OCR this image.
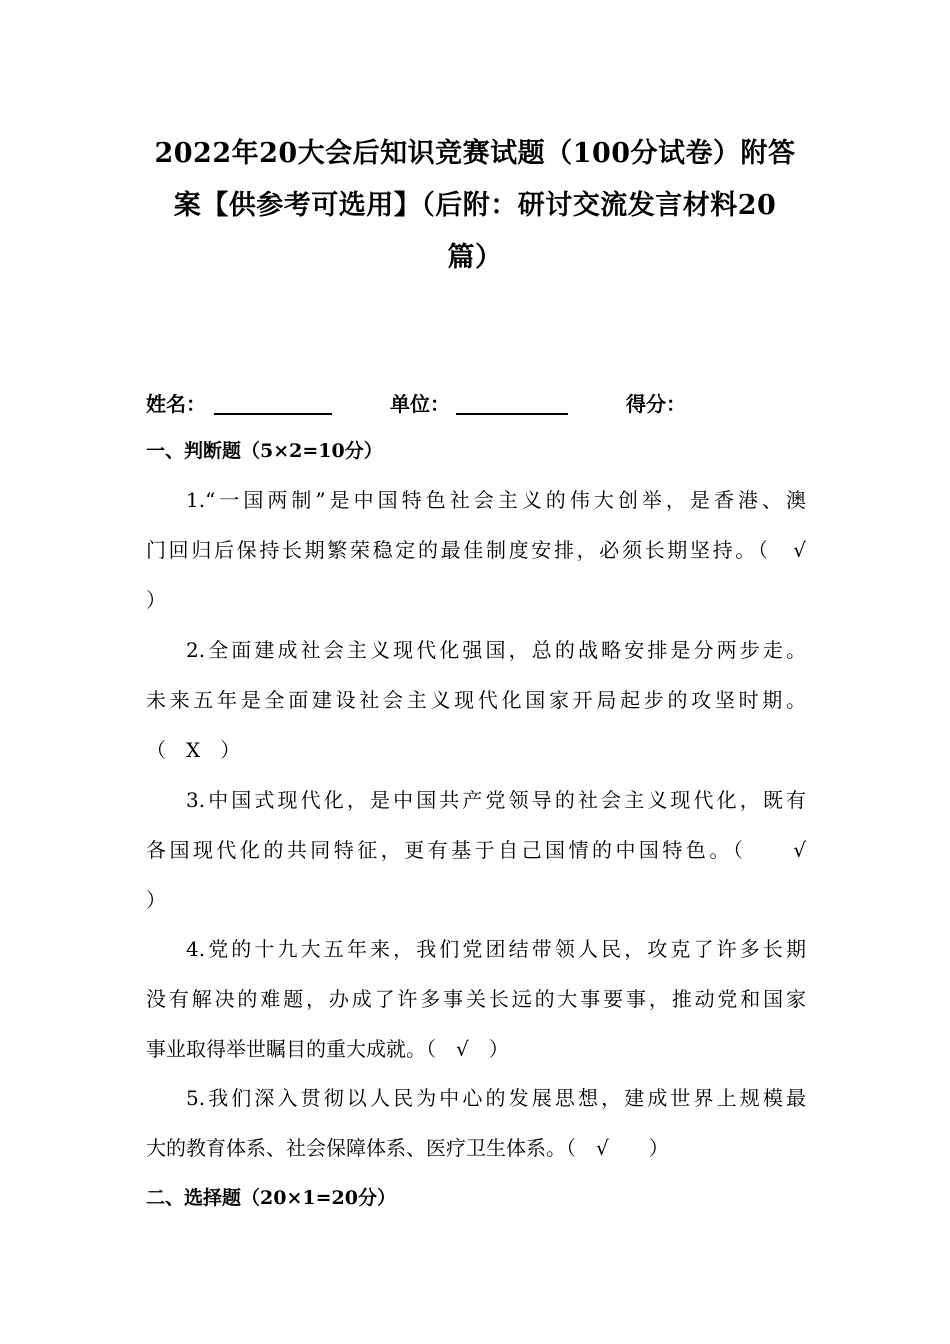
2022年20大会后知识竞赛试题（100分试卷）附答
案【供参考可选用】（后附：研讨交流发言材料20
篇）
姓名：	单位：	得分：
一、判断题（5×2=10分）
1.“一国两制”是中国特色社会主义的伟大创举，是香港、澳
门回归后保持长期繁荣稳定的最佳制度安排，必须长期坚持。（　√
）
2.全面建成社会主义现代化强国，总的战略安排是分两步走。
未来五年是全面建设社会主义现代化国家开局起步的攻坚时期。
（　X　）
3.中国式现代化，是中国共产党领导的社会主义现代化，既有
各国现代化的共同特征，更有基于自己国情的中国特色。（　　√
）
4.党的十九大五年来，我们党团结带领人民，攻克了许多长期
没有解决的难题，办成了许多事关长远的大事要事，推动党和国家
事业取得举世瞩目的重大成就。（　√　）
5.我们深入贯彻以人民为中心的发展思想，建成世界上规模最
大的教育体系、社会保障体系、医疗卫生体系。（　√　　）
二、选择题（20×1=20分）
